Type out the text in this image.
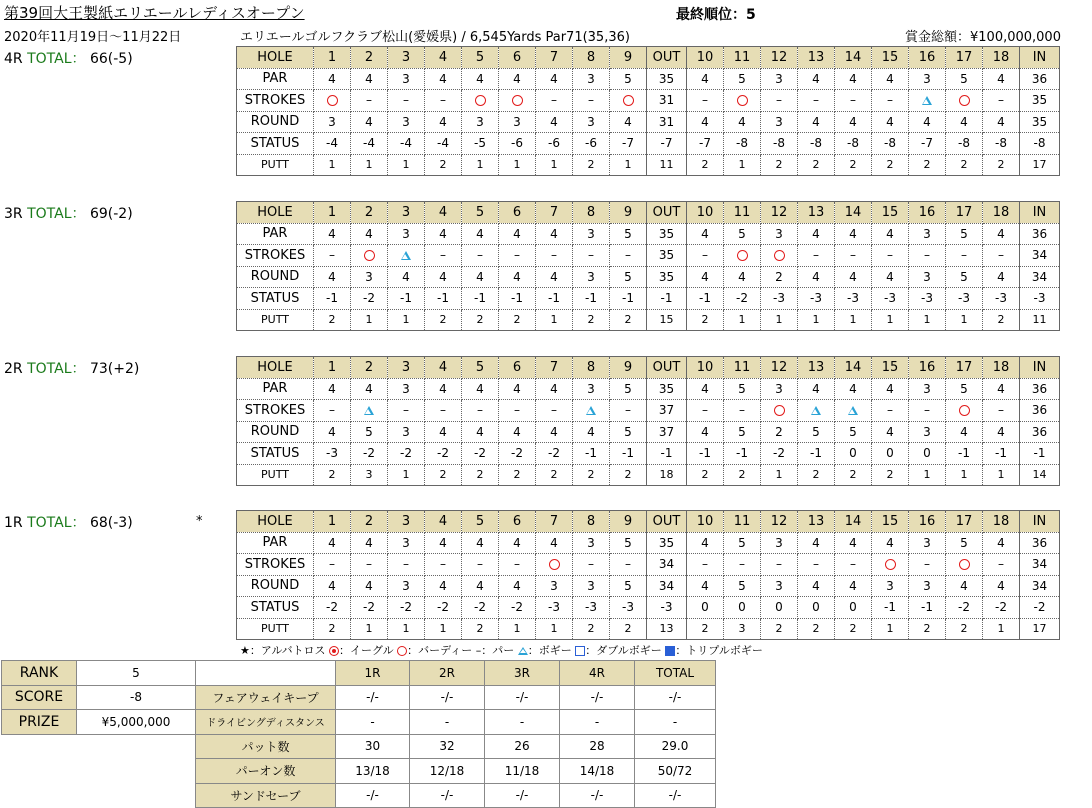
第39回大王製紙エリエールレディスオープン	最終順位：5
2020年11月19日～11月22日	エリエールゴルフクラブ松山(愛媛県) / 6,545Yards Par71(35,36)	賞金総額：¥100,000,000
4R TOTAL： 66(-5)
3R TOTAL： 69(-2)
2R TOTAL： 73(+2)
1R TOTAL： 68(-3)	*
HOLE	1	2	3	4	5	6	7	8	9	OUT	10	11	12	13	14	15	16	17	18	IN
PAR	4	4	3	4	4	4	4	3	5	35	4	5	3	4	4	4	3	5	4	36
STROKES		–	–	–			–	–		31	–		–	–	–	–			–	35
ROUND	3	4	3	4	3	3	4	3	4	31	4	4	3	4	4	4	4	4	4	35
STATUS	-4	-4	-4	-4	-5	-6	-6	-6	-7	-7	-7	-8	-8	-8	-8	-8	-7	-8	-8	-8
PUTT	1	1	1	2	1	1	1	2	1	11	2	1	2	2	2	2	2	2	2	17
HOLE	1	2	3	4	5	6	7	8	9	OUT	10	11	12	13	14	15	16	17	18	IN
PAR	4	4	3	4	4	4	4	3	5	35	4	5	3	4	4	4	3	5	4	36
STROKES	–			–	–	–	–	–	–	35	–			–	–	–	–	–	–	34
ROUND	4	3	4	4	4	4	4	3	5	35	4	4	2	4	4	4	3	5	4	34
STATUS	-1	-2	-1	-1	-1	-1	-1	-1	-1	-1	-1	-2	-3	-3	-3	-3	-3	-3	-3	-3
PUTT	2	1	1	2	2	2	1	2	2	15	2	1	1	1	1	1	1	1	2	11
HOLE	1	2	3	4	5	6	7	8	9	OUT	10	11	12	13	14	15	16	17	18	IN
PAR	4	4	3	4	4	4	4	3	5	35	4	5	3	4	4	4	3	5	4	36
STROKES	–		–	–	–	–	–		–	37	–	–				–	–		–	36
ROUND	4	5	3	4	4	4	4	4	5	37	4	5	2	5	5	4	3	4	4	36
STATUS	-3	-2	-2	-2	-2	-2	-2	-1	-1	-1	-1	-1	-2	-1	0	0	0	-1	-1	-1
PUTT	2	3	1	2	2	2	2	2	2	18	2	2	1	2	2	2	1	1	1	14
HOLE	1	2	3	4	5	6	7	8	9	OUT	10	11	12	13	14	15	16	17	18	IN
PAR	4	4	3	4	4	4	4	3	5	35	4	5	3	4	4	4	3	5	4	36
STROKES	–	–	–	–	–	–		–	–	34	–	–	–	–	–		–		–	34
ROUND	4	4	3	4	4	4	3	3	5	34	4	5	3	4	4	3	3	4	4	34
STATUS	-2	-2	-2	-2	-2	-2	-3	-3	-3	-3	0	0	0	0	0	-1	-1	-2	-2	-2
PUTT	2	1	1	1	2	1	1	2	2	13	2	3	2	2	2	1	2	2	1	17
★：アルバトロス ：イーグル ：バーディー –：パー ：ボギー ：ダブルボギー ：トリプルボギー
RANK	5		1R	2R	3R	4R	TOTAL
SCORE	-8	フェアウェイキープ	-/-	-/-	-/-	-/-	-/-
PRIZE	¥5,000,000	ドライビングディスタンス	-	-	-	-	-
		パット数	30	32	26	28	29.0
		パーオン数	13/18	12/18	11/18	14/18	50/72
		サンドセーブ	-/-	-/-	-/-	-/-	-/-
